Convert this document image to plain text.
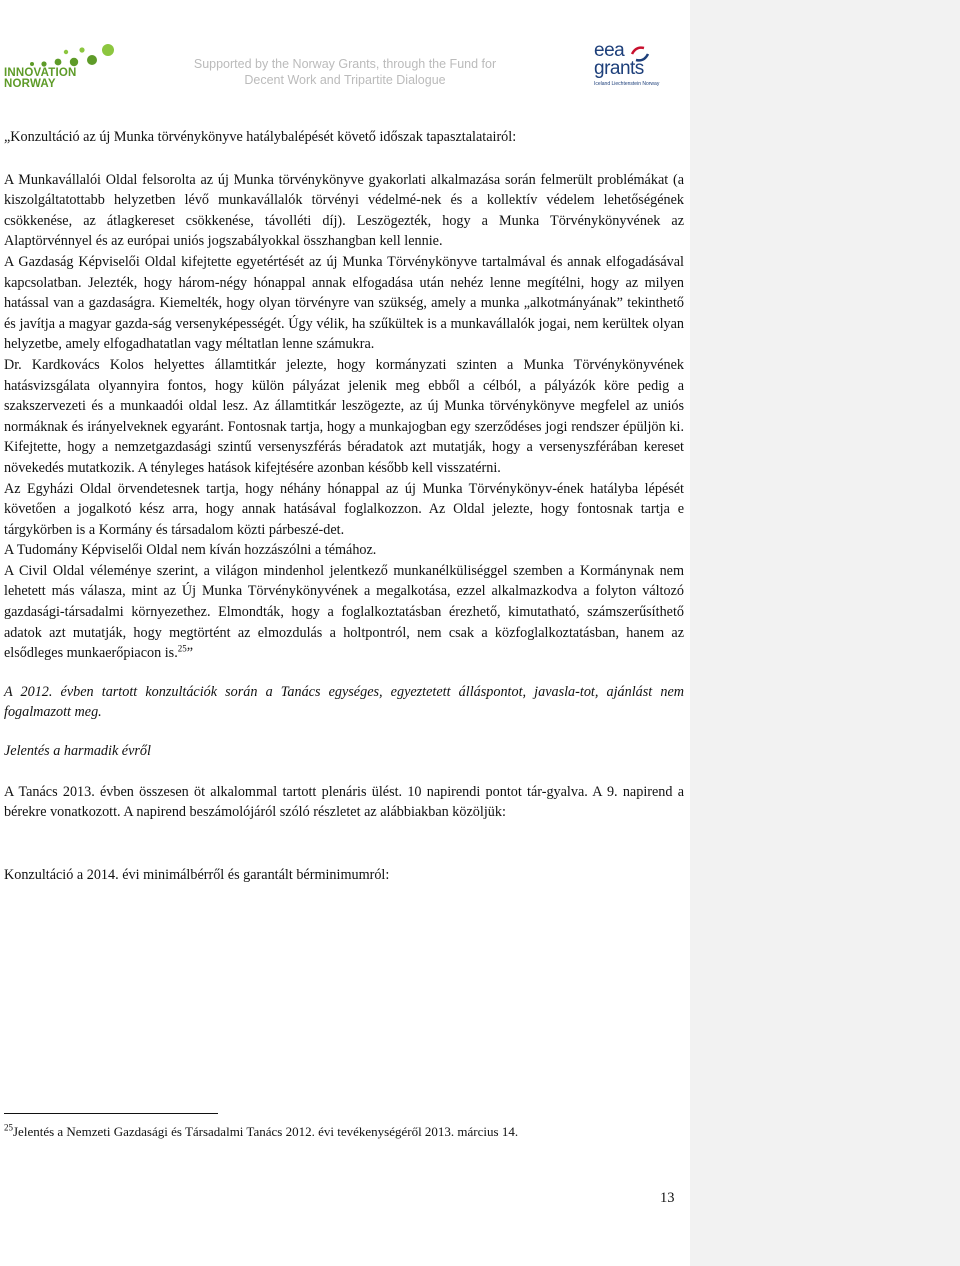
INNOVATION
NORWAY
Supported by the Norway Grants, through the Fund for
Decent Work and Tripartite Dialogue
eea
grants
Iceland Liechtenstein Norway

„Konzultáció az új Munka törvénykönyve hatálybalépését követő időszak tapasztalatairól:

A Munkavállalói Oldal felsorolta az új Munka törvénykönyve gyakorlati alkalmazása során felmerült problémákat (a kiszolgáltatottabb helyzetben lévő munkavállalók törvényi védelmé-nek és a kollektív védelem lehetőségének csökkenése, az átlagkereset csökkenése, távolléti díj). Leszögezték, hogy a Munka Törvénykönyvének az Alaptörvénnyel és az európai uniós jogszabályokkal összhangban kell lennie.

A Gazdaság Képviselői Oldal kifejtette egyetértését az új Munka Törvénykönyve tartalmával és annak elfogadásával kapcsolatban. Jelezték, hogy három-négy hónappal annak elfogadása után nehéz lenne megítélni, hogy az milyen hatással van a gazdaságra. Kiemelték, hogy olyan törvényre van szükség, amely a munka „alkotmányának” tekinthető és javítja a magyar gazda-ság versenyképességét. Úgy vélik, ha szűkültek is a munkavállalók jogai, nem kerültek olyan helyzetbe, amely elfogadhatatlan vagy méltatlan lenne számukra.

Dr. Kardkovács Kolos helyettes államtitkár jelezte, hogy kormányzati szinten a Munka Törvénykönyvének hatásvizsgálata olyannyira fontos, hogy külön pályázat jelenik meg ebből a célból, a pályázók köre pedig a szakszervezeti és a munkaadói oldal lesz. Az államtitkár leszögezte, az új Munka törvénykönyve megfelel az uniós normáknak és irányelveknek egyaránt. Fontosnak tartja, hogy a munkajogban egy szerződéses jogi rendszer épüljön ki. Kifejtette, hogy a nemzetgazdasági szintű versenyszférás béradatok azt mutatják, hogy a versenyszférában kereset növekedés mutatkozik. A tényleges hatások kifejtésére azonban később kell visszatérni.

Az Egyházi Oldal örvendetesnek tartja, hogy néhány hónappal az új Munka Törvénykönyv-ének hatályba lépését követően a jogalkotó kész arra, hogy annak hatásával foglalkozzon. Az Oldal jelezte, hogy fontosnak tartja e tárgykörben is a Kormány és társadalom közti párbeszé-det.

A Tudomány Képviselői Oldal nem kíván hozzászólni a témához.

A Civil Oldal véleménye szerint, a világon mindenhol jelentkező munkanélküliséggel szemben a Kormánynak nem lehetett más válasza, mint az Új Munka Törvénykönyvének a megalkotása, ezzel alkalmazkodva a folyton változó gazdasági-társadalmi környezethez. Elmondták, hogy a foglalkoztatásban érezhető, kimutatható, számszerűsíthető adatok azt mutatják, hogy megtörtént az elmozdulás a holtpontról, nem csak a közfoglalkoztatásban, hanem az elsődleges munkaerőpiacon is.$^{25}$”

A 2012. évben tartott konzultációk során a Tanács egységes, egyeztetett álláspontot, javasla-tot, ajánlást nem fogalmazott meg.

Jelentés a harmadik évről

A Tanács 2013. évben összesen öt alkalommal tartott plenáris ülést. 10 napirendi pontot tár-gyalva. A 9. napirend a bérekre vonatkozott. A napirend beszámolójáról szóló részletet az alábbiakban közöljük:

Konzultáció a 2014. évi minimálbérről és garantált bérminimumról:

$^{25}$Jelentés a Nemzeti Gazdasági és Társadalmi Tanács 2012. évi tevékenységéről 2013. március 14.
13
